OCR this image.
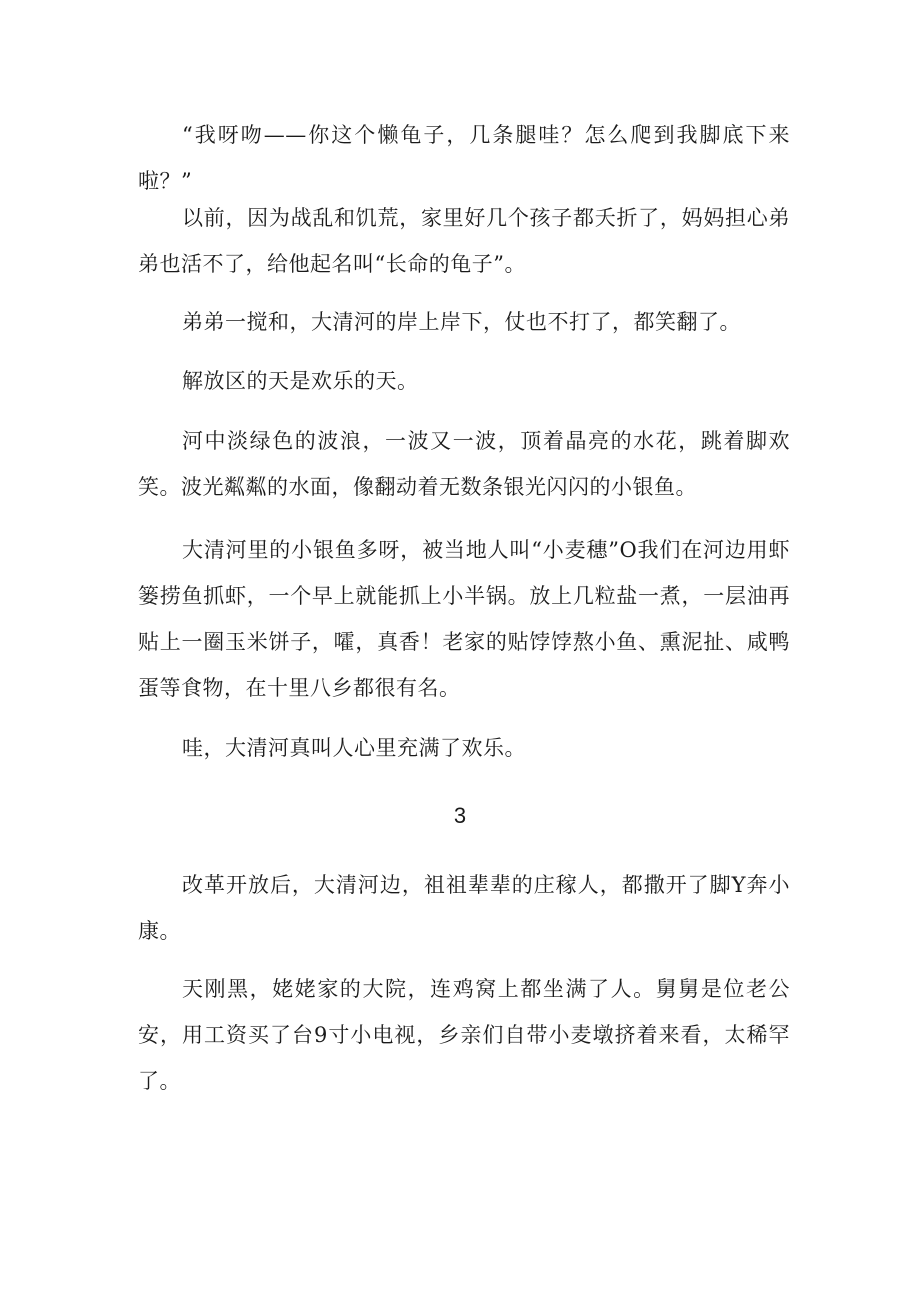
“我呀吻——你这个懒龟子，几条腿哇？怎么爬到我脚底下来啦？”

以前，因为战乱和饥荒，家里好几个孩子都夭折了，妈妈担心弟弟也活不了，给他起名叫“长命的龟子”。

弟弟一搅和，大清河的岸上岸下，仗也不打了，都笑翻了。

解放区的天是欢乐的天。

河中淡绿色的波浪，一波又一波，顶着晶亮的水花，跳着脚欢笑。波光粼粼的水面，像翻动着无数条银光闪闪的小银鱼。

大清河里的小银鱼多呀，被当地人叫“小麦穗”O我们在河边用虾篓捞鱼抓虾，一个早上就能抓上小半锅。放上几粒盐一煮，一层油再贴上一圈玉米饼子，嚯，真香！老家的贴饽饽熬小鱼、熏泥扯、咸鸭蛋等食物，在十里八乡都很有名。

哇，大清河真叫人心里充满了欢乐。

3

改革开放后，大清河边，祖祖辈辈的庄稼人，都撒开了脚Y奔小康。

天刚黑，姥姥家的大院，连鸡窝上都坐满了人。舅舅是位老公安，用工资买了台9寸小电视，乡亲们自带小麦墩挤着来看，太稀罕了。
